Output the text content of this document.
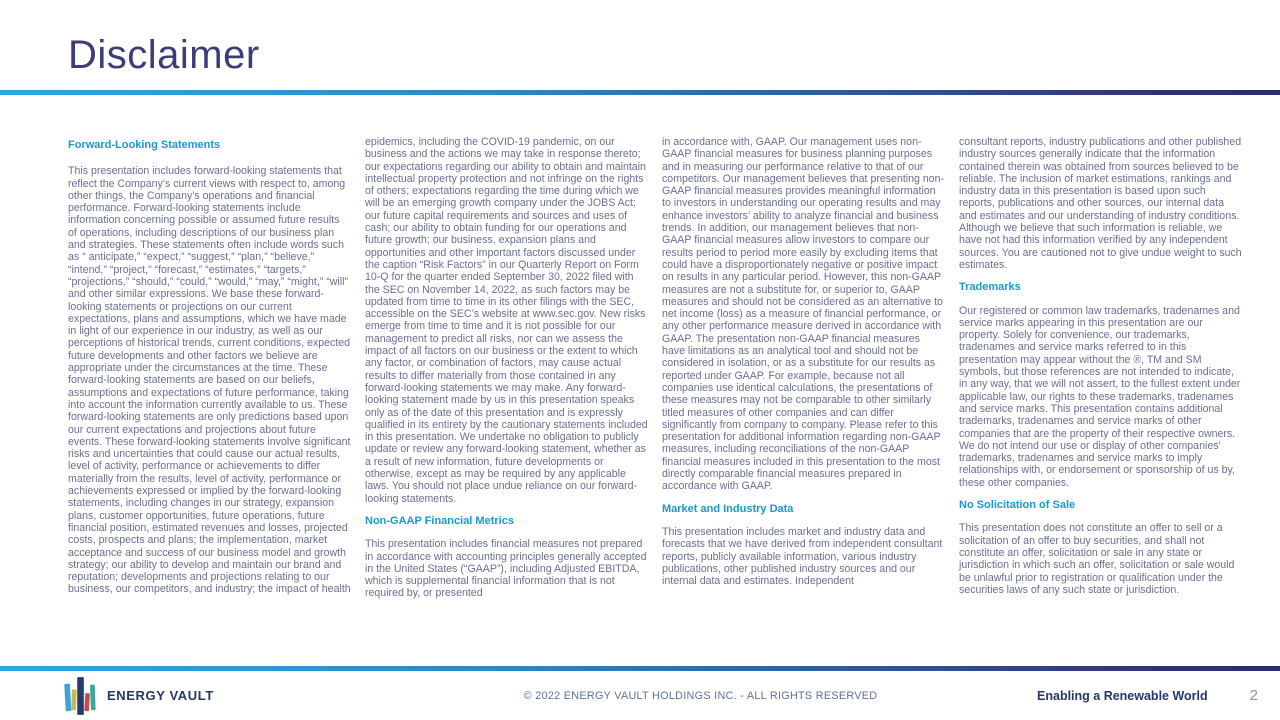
Disclaimer
Forward-Looking Statements

This presentation includes forward-looking statements that reflect the Company’s current views with respect to, among other things, the Company’s operations and financial performance. Forward-looking statements include information concerning possible or assumed future results of operations, including descriptions of our business plan and strategies. These statements often include words such as “ anticipate,” “expect,” “suggest,” “plan,” “believe,” “intend,” “project,” “forecast,” “estimates,” “targets,” “projections,” “should,” “could,” “would,” “may,” “might,” “will” and other similar expressions. We base these forward-looking statements or projections on our current expectations, plans and assumptions, which we have made in light of our experience in our industry, as well as our perceptions of historical trends, current conditions, expected future developments and other factors we believe are appropriate under the circumstances at the time. These forward-looking statements are based on our beliefs, assumptions and expectations of future performance, taking into account the information currently available to us. These forward-looking statements are only predictions based upon our current expectations and projections about future events. These forward-looking statements involve significant risks and uncertainties that could cause our actual results, level of activity, performance or achievements to differ materially from the results, level of activity, performance or achievements expressed or implied by the forward-looking statements, including changes in our strategy, expansion plans, customer opportunities, future operations, future financial position, estimated revenues and losses, projected costs, prospects and plans; the implementation, market acceptance and success of our business model and growth strategy; our ability to develop and maintain our brand and reputation; developments and projections relating to our business, our competitors, and industry; the impact of health

epidemics, including the COVID-19 pandemic, on our business and the actions we may take in response thereto; our expectations regarding our ability to obtain and maintain intellectual property protection and not infringe on the rights of others; expectations regarding the time during which we will be an emerging growth company under the JOBS Act; our future capital requirements and sources and uses of cash; our ability to obtain funding for our operations and future growth; our business, expansion plans and opportunities and other important factors discussed under the caption “Risk Factors” in our Quarterly Report on Form 10-Q for the quarter ended September 30, 2022 filed with the SEC on November 14, 2022, as such factors may be updated from time to time in its other filings with the SEC, accessible on the SEC’s website at www.sec.gov. New risks emerge from time to time and it is not possible for our management to predict all risks, nor can we assess the impact of all factors on our business or the extent to which any factor, or combination of factors, may cause actual results to differ materially from those contained in any forward-looking statements we may make. Any forward-looking statement made by us in this presentation speaks only as of the date of this presentation and is expressly qualified in its entirety by the cautionary statements included in this presentation. We undertake no obligation to publicly update or review any forward-looking statement, whether as a result of new information, future developments or otherwise, except as may be required by any applicable laws. You should not place undue reliance on our forward-looking statements.

Non-GAAP Financial Metrics

This presentation includes financial measures not prepared in accordance with accounting principles generally accepted in the United States (“GAAP”), including Adjusted EBITDA, which is supplemental financial information that is not required by, or presented

in accordance with, GAAP. Our management uses non-GAAP financial measures for business planning purposes and in measuring our performance relative to that of our competitors. Our management believes that presenting non-GAAP financial measures provides meaningful information to investors in understanding our operating results and may enhance investors’ ability to analyze financial and business trends. In addition, our management believes that non-GAAP financial measures allow investors to compare our results period to period more easily by excluding items that could have a disproportionately negative or positive impact on results in any particular period. However, this non-GAAP measures are not a substitute for, or superior to, GAAP measures and should not be considered as an alternative to net income (loss) as a measure of financial performance, or any other performance measure derived in accordance with GAAP. The presentation non-GAAP financial measures have limitations as an analytical tool and should not be considered in isolation, or as a substitute for our results as reported under GAAP. For example, because not all companies use identical calculations, the presentations of these measures may not be comparable to other similarly titled measures of other companies and can differ significantly from company to company. Please refer to this presentation for additional information regarding non-GAAP measures, including reconciliations of the non-GAAP financial measures included in this presentation to the most directly comparable financial measures prepared in accordance with GAAP.

Market and Industry Data

This presentation includes market and industry data and forecasts that we have derived from independent consultant reports, publicly available information, various industry publications, other published industry sources and our internal data and estimates. Independent

consultant reports, industry publications and other published industry sources generally indicate that the information contained therein was obtained from sources believed to be reliable. The inclusion of market estimations, rankings and industry data in this presentation is based upon such reports, publications and other sources, our internal data and estimates and our understanding of industry conditions. Although we believe that such information is reliable, we have not had this information verified by any independent sources. You are cautioned not to give undue weight to such estimates.

Trademarks

Our registered or common law trademarks, tradenames and service marks appearing in this presentation are our property. Solely for convenience, our trademarks, tradenames and service marks referred to in this presentation may appear without the ®, TM and SM symbols, but those references are not intended to indicate, in any way, that we will not assert, to the fullest extent under applicable law, our rights to these trademarks, tradenames and service marks. This presentation contains additional trademarks, tradenames and service marks of other companies that are the property of their respective owners. We do not intend our use or display of other companies’ trademarks, tradenames and service marks to imply relationships with, or endorsement or sponsorship of us by, these other companies.

No Solicitation of Sale

This presentation does not constitute an offer to sell or a solicitation of an offer to buy securities, and shall not constitute an offer, solicitation or sale in any state or jurisdiction in which such an offer, solicitation or sale would be unlawful prior to registration or qualification under the securities laws of any such state or jurisdiction.

ENERGY VAULT	© 2022 ENERGY VAULT HOLDINGS INC. - ALL RIGHTS RESERVED	Enabling a Renewable World	2
